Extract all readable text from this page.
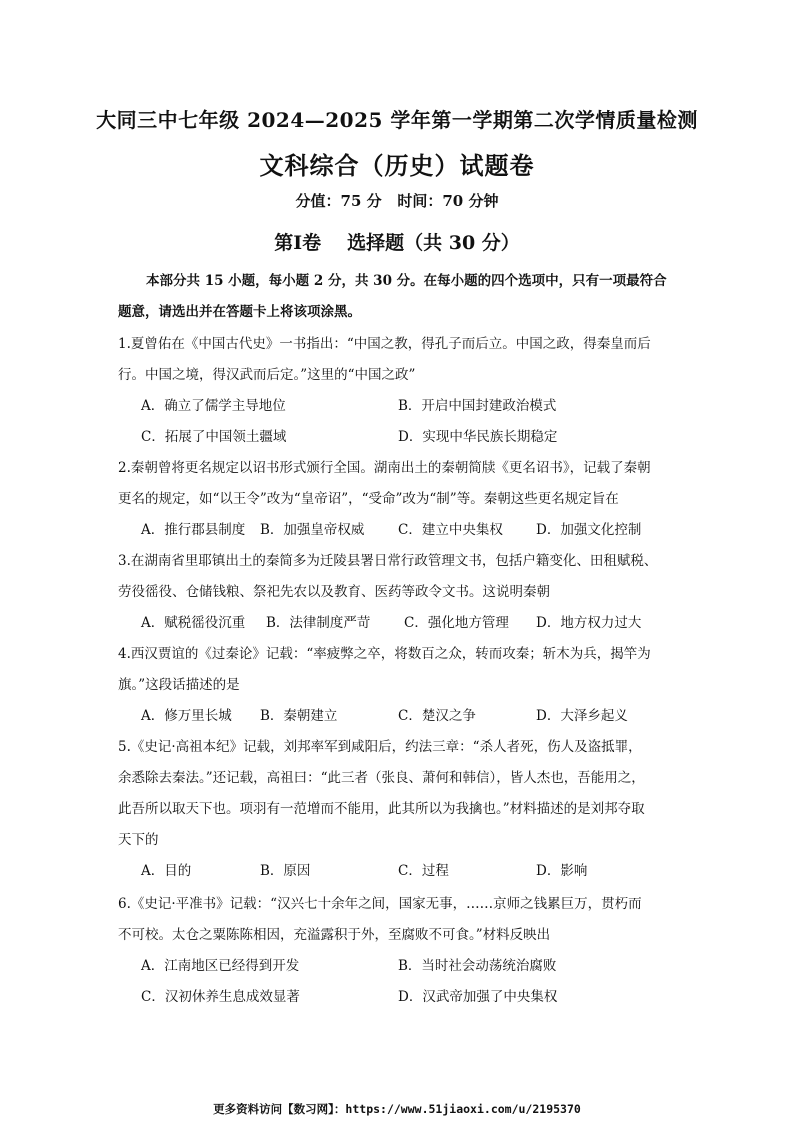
大同三中七年级 2024—2025 学年第一学期第二次学情质量检测
文科综合（历史）试题卷
分值：75 分 时间：70 分钟
第Ⅰ卷 选择题（共 30 分）
本部分共 15 小题，每小题 2 分，共 30 分。在每小题的四个选项中，只有一项最符合题意，请选出并在答题卡上将该项涂黑。
1.夏曾佑在《中国古代史》一书指出：“中国之教，得孔子而后立。中国之政，得秦皇而后
行。中国之境，得汉武而后定。”这里的“中国之政”
A．确立了儒学主导地位	B．开启中国封建政治模式
C．拓展了中国领土疆域	D．实现中华民族长期稳定
2.秦朝曾将更名规定以诏书形式颁行全国。湖南出土的秦朝简牍《更名诏书》，记载了秦朝
更名的规定，如“以王令”改为“皇帝诏”，“受命”改为“制”等。秦朝这些更名规定旨在
A．推行郡县制度 B．加强皇帝权威 C．建立中央集权 D．加强文化控制
3.在湖南省里耶镇出土的秦简多为迁陵县署日常行政管理文书，包括户籍变化、田租赋税、
劳役徭役、仓储钱粮、祭祀先农以及教育、医药等政令文书。这说明秦朝
A．赋税徭役沉重 B．法律制度严苛 C．强化地方管理 D．地方权力过大
4.西汉贾谊的《过秦论》记载：“率疲弊之卒，将数百之众，转而攻秦；斩木为兵，揭竿为
旗。”这段话描述的是
A．修万里长城 B．秦朝建立	C．楚汉之争	D．大泽乡起义
5.《史记·高祖本纪》记载，刘邦率军到咸阳后，约法三章：“杀人者死，伤人及盗抵罪，
余悉除去秦法。”还记载，高祖曰：“此三者（张良、萧何和韩信），皆人杰也，吾能用之，
此吾所以取天下也。项羽有一范增而不能用，此其所以为我擒也。”材料描述的是刘邦夺取
天下的
A．目的	B．原因	C．过程	D．影响
6.《史记·平准书》记载：“汉兴七十余年之间，国家无事，……京师之钱累巨万，贯朽而
不可校。太仓之粟陈陈相因，充溢露积于外，至腐败不可食。”材料反映出
A．江南地区已经得到开发	B．当时社会动荡统治腐败
C．汉初休养生息成效显著	D．汉武帝加强了中央集权
更多资料访问【数习网】：https://www.51jiaoxi.com/u/2195370
